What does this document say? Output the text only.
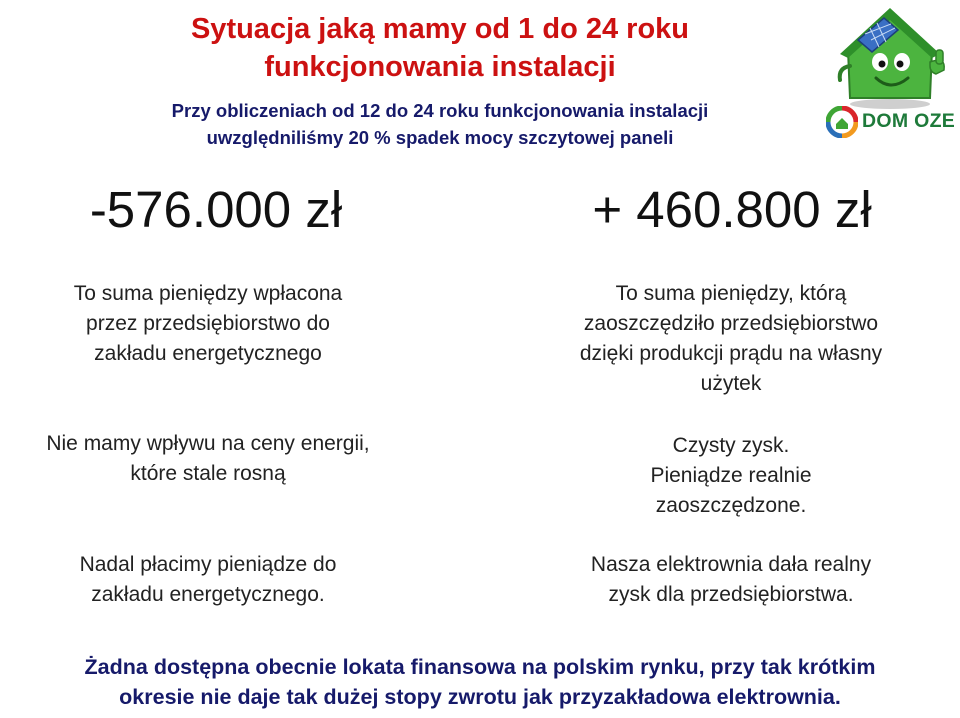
Sytuacja jaką mamy od 1 do 24 roku
funkcjonowania instalacji
Przy obliczeniach od 12 do 24 roku funkcjonowania instalacji
uwzględniliśmy 20 % spadek mocy szczytowej paneli
DOM OZE
-576.000 zł	+ 460.800 zł
To suma pieniędzy wpłacona
przez przedsiębiorstwo do
zakładu energetycznego
Nie mamy wpływu na ceny energii,
które stale rosną
Nadal płacimy pieniądze do
zakładu energetycznego.
To suma pieniędzy, którą
zaoszczędziło przedsiębiorstwo
dzięki produkcji prądu na własny
użytek
Czysty zysk.
Pieniądze realnie
zaoszczędzone.
Nasza elektrownia dała realny
zysk dla przedsiębiorstwa.
Żadna dostępna obecnie lokata finansowa na polskim rynku, przy tak krótkim
okresie nie daje tak dużej stopy zwrotu jak przyzakładowa elektrownia.
